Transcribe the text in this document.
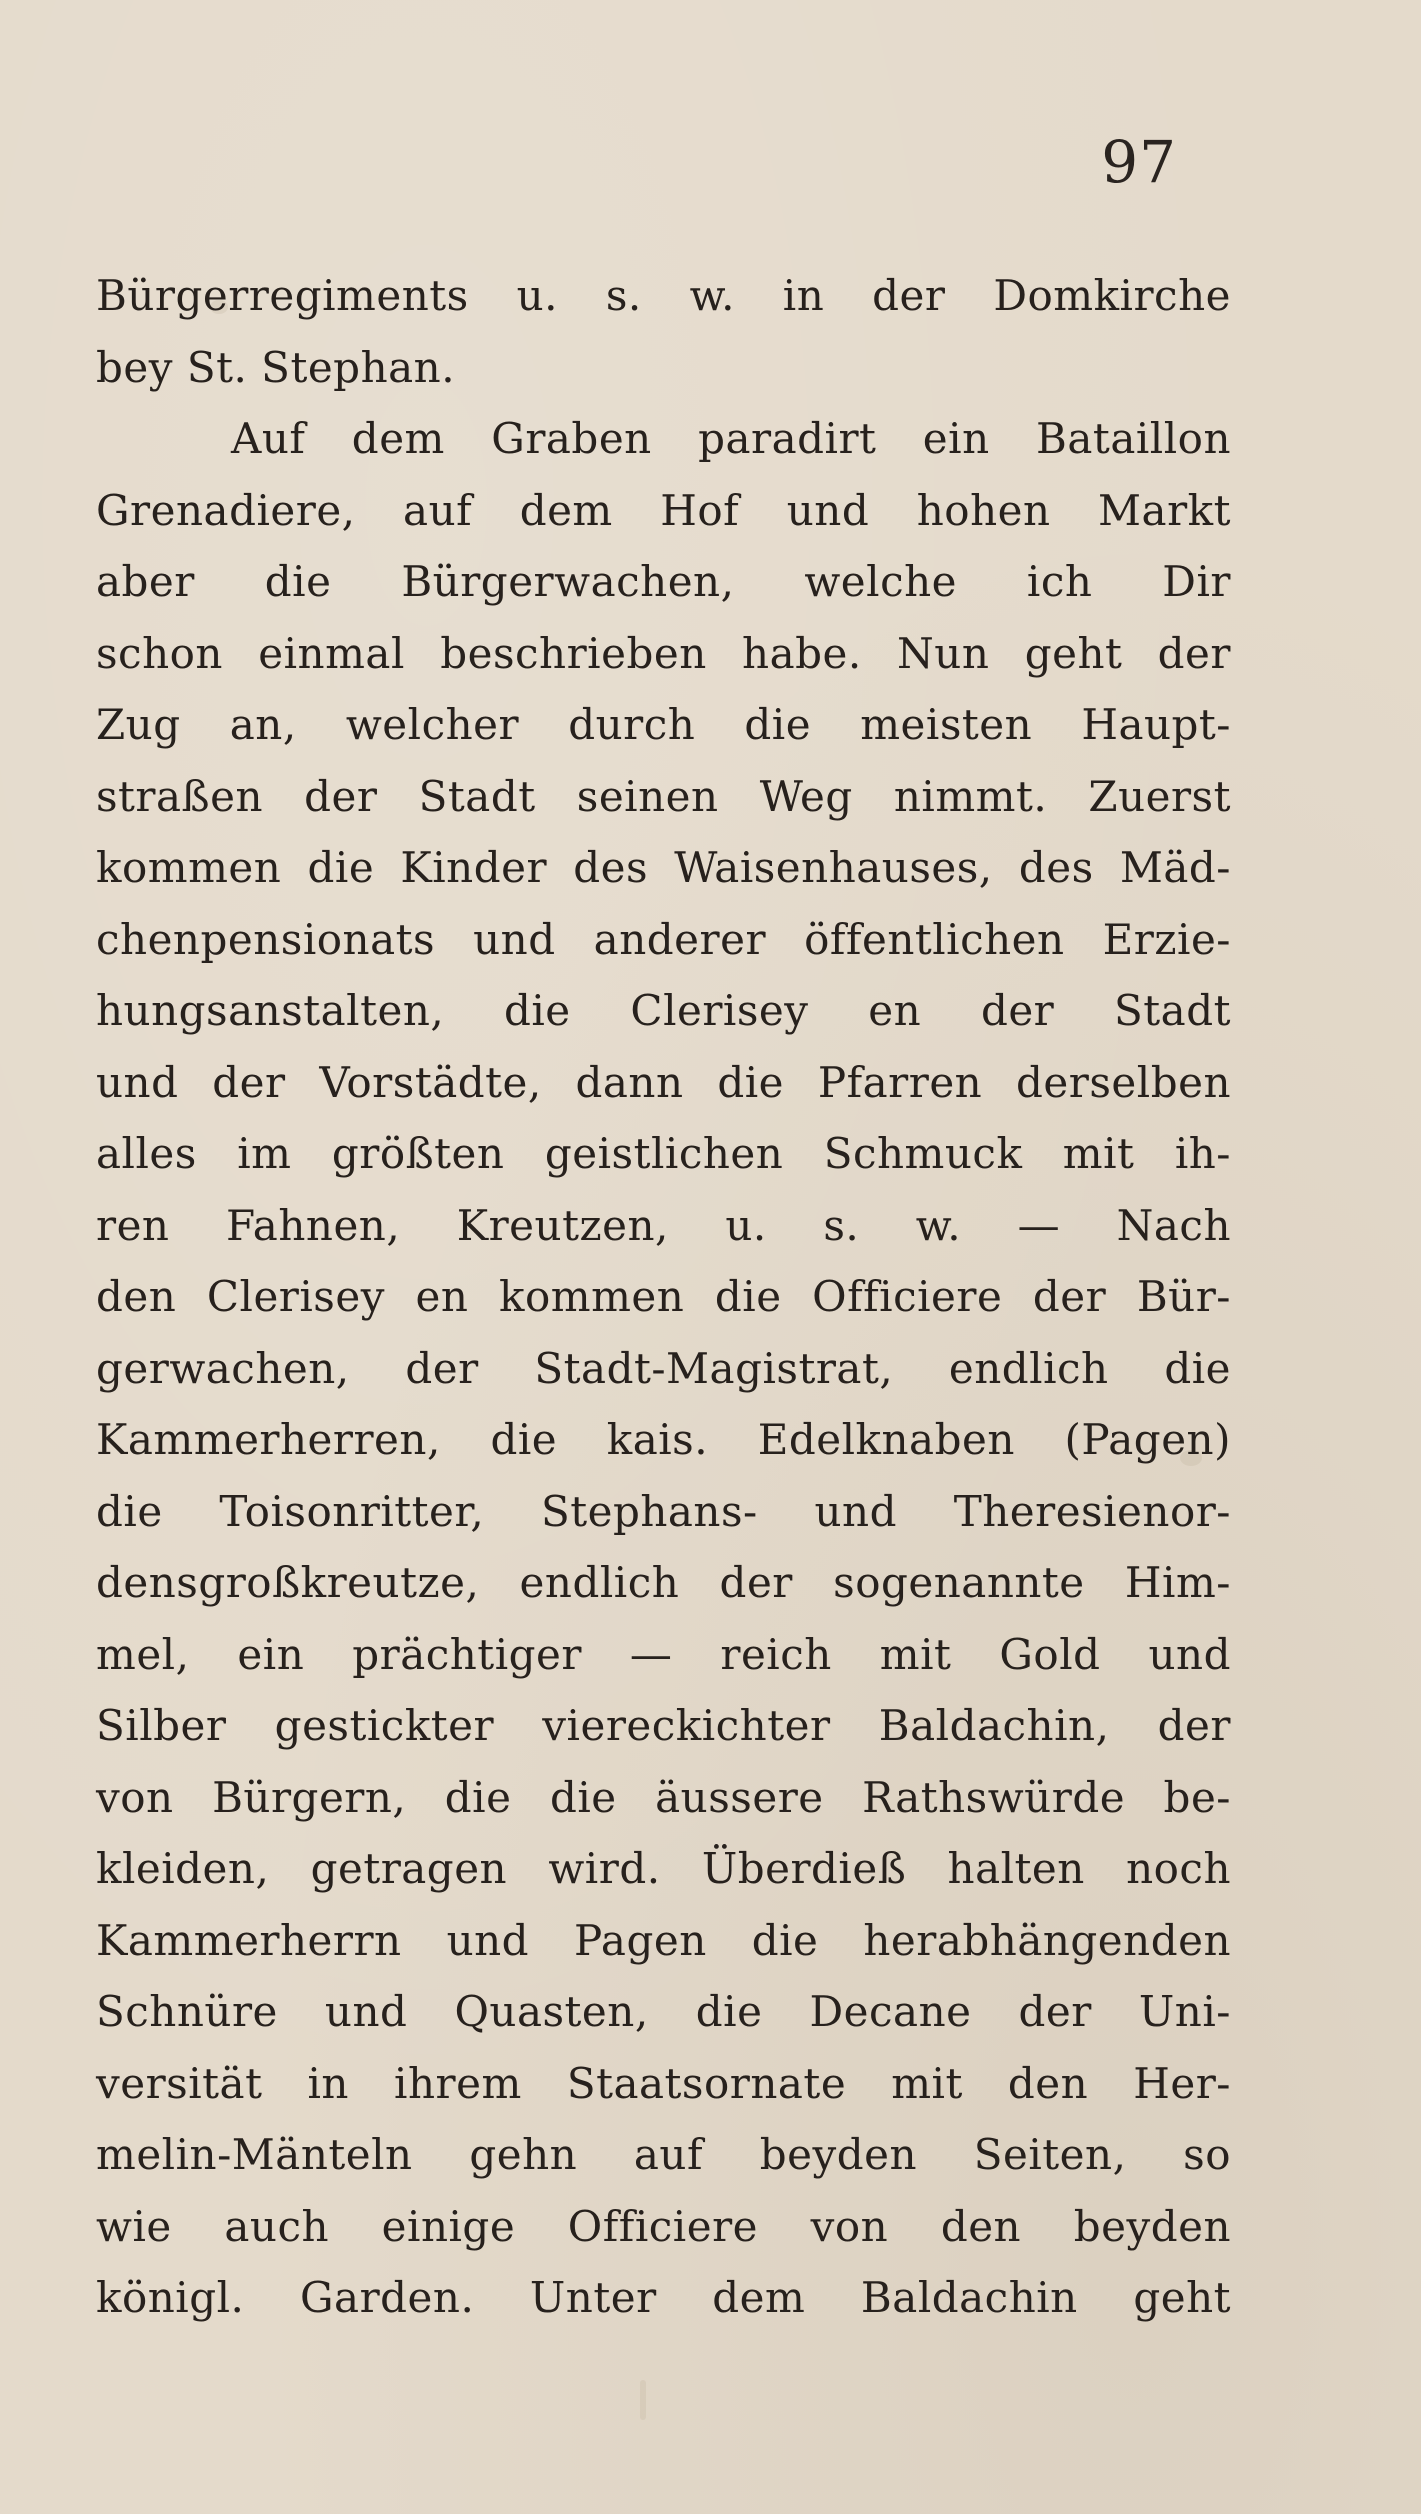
97
Bürgerregiments u. s. w. in der Domkirche
bey St. Stephan.
Auf dem Graben paradirt ein Bataillon
Grenadiere, auf dem Hof und hohen Markt
aber die Bürgerwachen, welche ich Dir
schon einmal beschrieben habe. Nun geht der
Zug an, welcher durch die meisten Haupt-
straßen der Stadt seinen Weg nimmt. Zuerst
kommen die Kinder des Waisenhauses, des Mäd-
chenpensionats und anderer öffentlichen Erzie-
hungsanstalten, die Clerisey en der Stadt
und der Vorstädte, dann die Pfarren derselben
alles im größten geistlichen Schmuck mit ih-
ren Fahnen, Kreutzen, u. s. w. — Nach
den Clerisey en kommen die Officiere der Bür-
gerwachen, der Stadt-Magistrat, endlich die
Kammerherren, die kais. Edelknaben (Pagen)
die Toisonritter, Stephans- und Theresienor-
densgroßkreutze, endlich der sogenannte Him-
mel, ein prächtiger — reich mit Gold und
Silber gestickter viereckichter Baldachin, der
von Bürgern, die die äussere Rathswürde be-
kleiden, getragen wird. Überdieß halten noch
Kammerherrn und Pagen die herabhängenden
Schnüre und Quasten, die Decane der Uni-
versität in ihrem Staatsornate mit den Her-
melin-Mänteln gehn auf beyden Seiten, so
wie auch einige Officiere von den beyden
königl. Garden. Unter dem Baldachin geht
